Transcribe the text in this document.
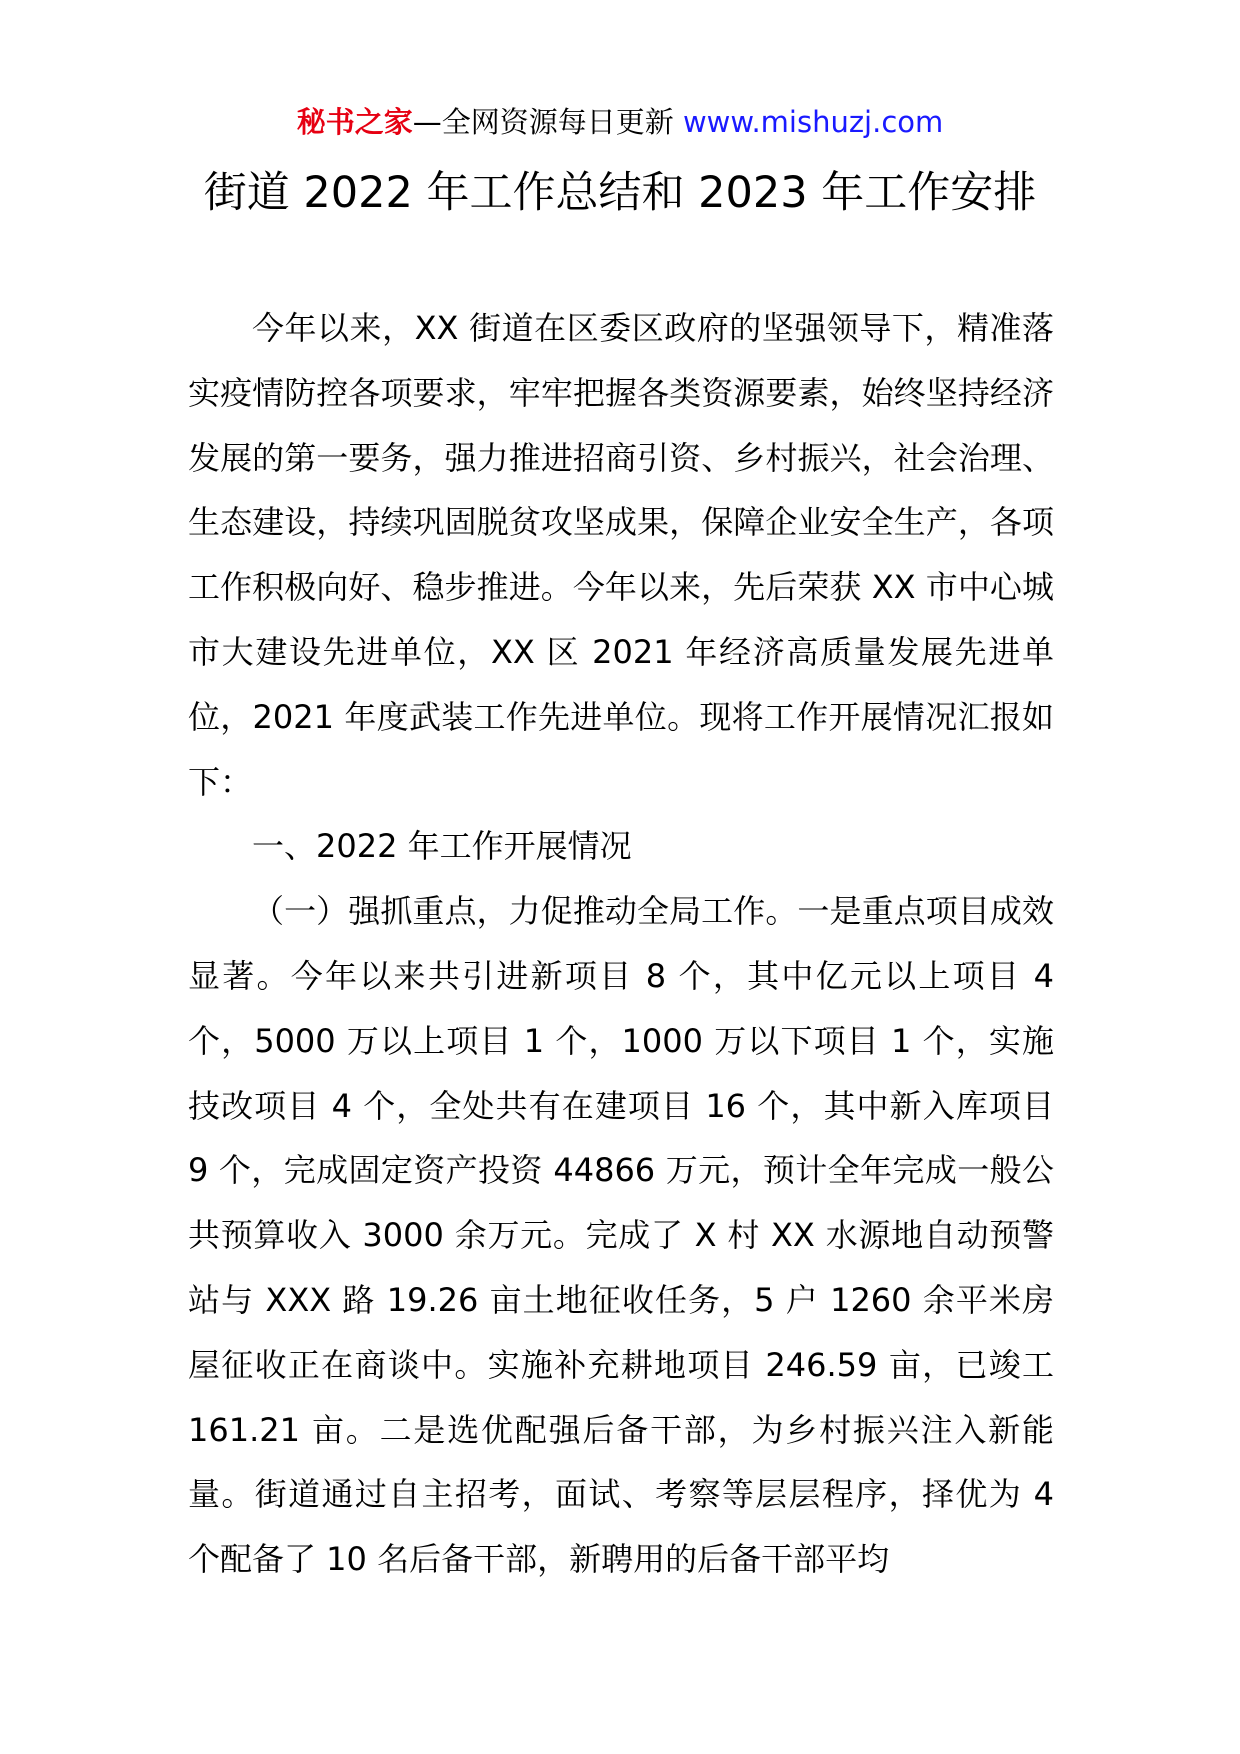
秘书之家—全网资源每日更新 www.mishuzj.com
街道 2022 年工作总结和 2023 年工作安排

今年以来，XX 街道在区委区政府的坚强领导下，精准落实疫情防控各项要求，牢牢把握各类资源要素，始终坚持经济发展的第一要务，强力推进招商引资、乡村振兴，社会治理、生态建设，持续巩固脱贫攻坚成果，保障企业安全生产，各项工作积极向好、稳步推进。今年以来，先后荣获 XX 市中心城市大建设先进单位，XX 区 2021 年经济高质量发展先进单位，2021 年度武装工作先进单位。现将工作开展情况汇报如下：

一、2022 年工作开展情况

（一）强抓重点，力促推动全局工作。一是重点项目成效显著。今年以来共引进新项目 8 个，其中亿元以上项目 4 个，5000 万以上项目 1 个，1000 万以下项目 1 个，实施技改项目 4 个，全处共有在建项目 16 个，其中新入库项目 9 个，完成固定资产投资 44866 万元，预计全年完成一般公共预算收入 3000 余万元。完成了 X 村 XX 水源地自动预警站与 XXX 路 19.26 亩土地征收任务，5 户 1260 余平米房屋征收正在商谈中。实施补充耕地项目 246.59 亩，已竣工 161.21 亩。二是选优配强后备干部，为乡村振兴注入新能量。街道通过自主招考，面试、考察等层层程序，择优为 4 个配备了 10 名后备干部，新聘用的后备干部平均
